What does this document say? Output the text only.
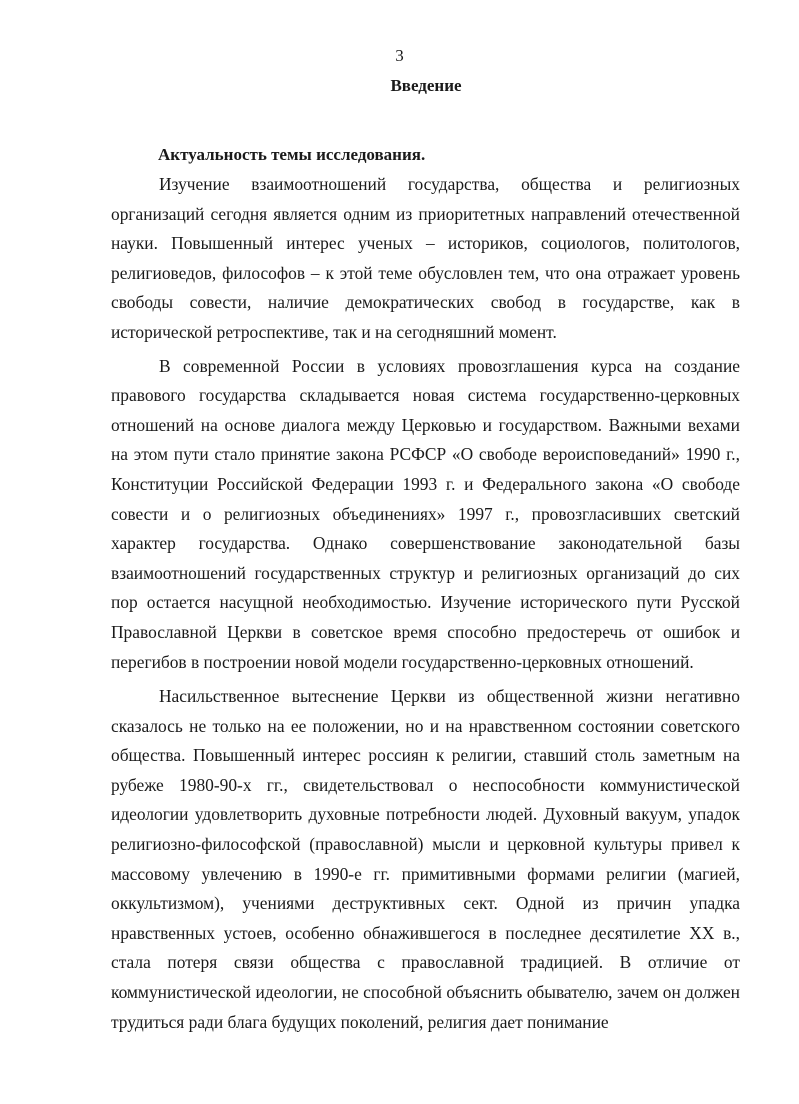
3
Введение
Актуальность темы исследования.

Изучение взаимоотношений государства, общества и религиозных организаций сегодня является одним из приоритетных направлений отечественной науки. Повышенный интерес ученых – историков, социологов, политологов, религиоведов, философов – к этой теме обусловлен тем, что она отражает уровень свободы совести, наличие демократических свобод в государстве, как в исторической ретроспективе, так и на сегодняшний момент.

В современной России в условиях провозглашения курса на создание правового государства складывается новая система государственно-церковных отношений на основе диалога между Церковью и государством. Важными вехами на этом пути стало принятие закона РСФСР «О свободе вероисповеданий» 1990 г., Конституции Российской Федерации 1993 г. и Федерального закона «О свободе совести и о религиозных объединениях» 1997 г., провозгласивших светский характер государства. Однако совершенствование законодательной базы взаимоотношений государственных структур и религиозных организаций до сих пор остается насущной необходимостью. Изучение исторического пути Русской Православной Церкви в советское время способно предостеречь от ошибок и перегибов в построении новой модели государственно-церковных отношений.

Насильственное вытеснение Церкви из общественной жизни негативно сказалось не только на ее положении, но и на нравственном состоянии советского общества. Повышенный интерес россиян к религии, ставший столь заметным на рубеже 1980-90-х гг., свидетельствовал о неспособности коммунистической идеологии удовлетворить духовные потребности людей. Духовный вакуум, упадок религиозно-философской (православной) мысли и церковной культуры привел к массовому увлечению в 1990-е гг. примитивными формами религии (магией, оккультизмом), учениями деструктивных сект. Одной из причин упадка нравственных устоев, особенно обнажившегося в последнее десятилетие XX в., стала потеря связи общества с православной традицией. В отличие от коммунистической идеологии, не способной объяснить обывателю, зачем он должен трудиться ради блага будущих поколений, религия дает понимание
